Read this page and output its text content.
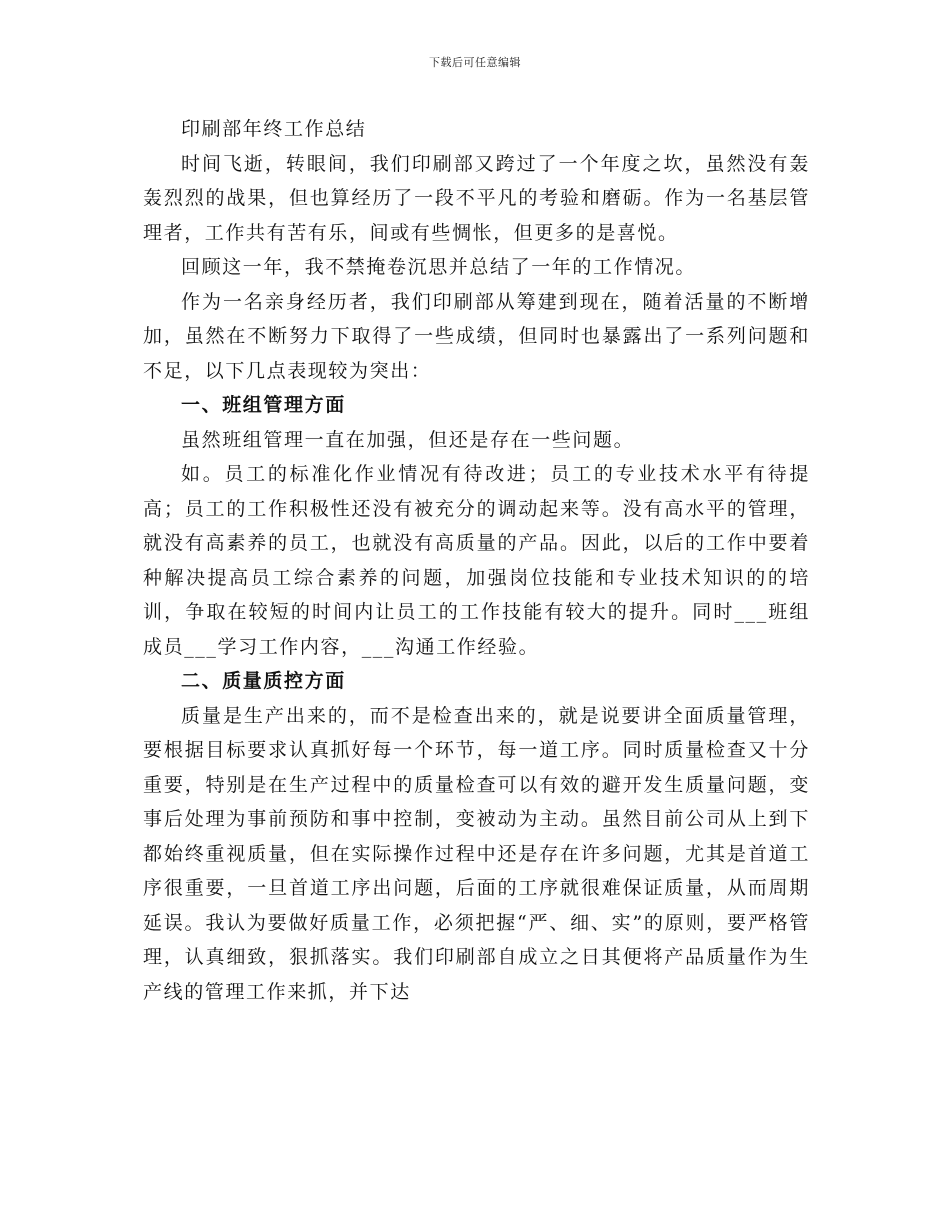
下载后可任意编辑

印刷部年终工作总结

时间飞逝，转眼间，我们印刷部又跨过了一个年度之坎，虽然没有轰轰烈烈的战果，但也算经历了一段不平凡的考验和磨砺。作为一名基层管理者，工作共有苦有乐，间或有些惆怅，但更多的是喜悦。

回顾这一年，我不禁掩卷沉思并总结了一年的工作情况。

作为一名亲身经历者，我们印刷部从筹建到现在，随着活量的不断增加，虽然在不断努力下取得了一些成绩，但同时也暴露出了一系列问题和不足，以下几点表现较为突出：

一、班组管理方面

虽然班组管理一直在加强，但还是存在一些问题。

如。员工的标准化作业情况有待改进；员工的专业技术水平有待提高；员工的工作积极性还没有被充分的调动起来等。没有高水平的管理，就没有高素养的员工，也就没有高质量的产品。因此，以后的工作中要着种解决提高员工综合素养的问题，加强岗位技能和专业技术知识的的培训，争取在较短的时间内让员工的工作技能有较大的提升。同时___班组成员___学习工作内容，___沟通工作经验。

二、质量质控方面

质量是生产出来的，而不是检查出来的，就是说要讲全面质量管理，要根据目标要求认真抓好每一个环节，每一道工序。同时质量检查又十分重要，特别是在生产过程中的质量检查可以有效的避开发生质量问题，变事后处理为事前预防和事中控制，变被动为主动。虽然目前公司从上到下都始终重视质量，但在实际操作过程中还是存在许多问题，尤其是首道工序很重要，一旦首道工序出问题，后面的工序就很难保证质量，从而周期延误。我认为要做好质量工作，必须把握“严、细、实”的原则，要严格管理，认真细致，狠抓落实。我们印刷部自成立之日其便将产品质量作为生产线的管理工作来抓，并下达
